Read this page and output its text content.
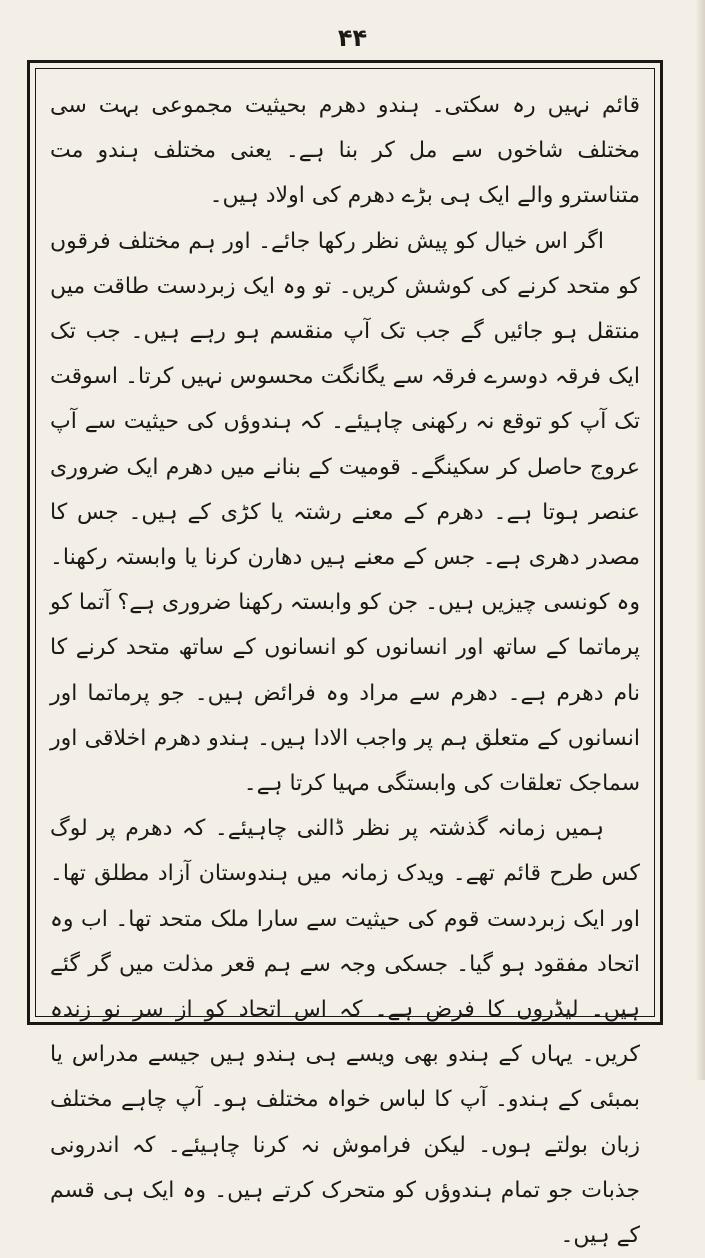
۴۴

قائم نہیں رہ سکتی۔ ہندو دھرم بحیثیت مجموعی بہت سی مختلف شاخوں سے مل کر بنا ہے۔ یعنی مختلف ہندو مت متناسترو والے ایک ہی بڑے دھرم کی اولاد ہیں۔

اگر اس خیال کو پیش نظر رکھا جائے۔ اور ہم مختلف فرقوں کو متحد کرنے کی کوشش کریں۔ تو وہ ایک زبردست طاقت میں منتقل ہو جائیں گے جب تک آپ منقسم ہو رہے ہیں۔ جب تک ایک فرقہ دوسرے فرقہ سے یگانگت محسوس نہیں کرتا۔ اسوقت تک آپ کو توقع نہ رکھنی چاہیئے۔ کہ ہندوؤں کی حیثیت سے آپ عروج حاصل کر سکینگے۔ قومیت کے بنانے میں دھرم ایک ضروری عنصر ہوتا ہے۔ دھرم کے معنے رشتہ یا کڑی کے ہیں۔ جس کا مصدر دھری ہے۔ جس کے معنے ہیں دھارن کرنا یا وابستہ رکھنا۔ وہ کونسی چیزیں ہیں۔ جن کو وابستہ رکھنا ضروری ہے؟ آتما کو پرماتما کے ساتھ اور انسانوں کو انسانوں کے ساتھ متحد کرنے کا نام دھرم ہے۔ دھرم سے مراد وہ فرائض ہیں۔ جو پرماتما اور انسانوں کے متعلق ہم پر واجب الادا ہیں۔ ہندو دھرم اخلاقی اور سماجک تعلقات کی وابستگی مہیا کرتا ہے۔

ہمیں زمانہ گذشتہ پر نظر ڈالنی چاہیئے۔ کہ دھرم پر لوگ کس طرح قائم تھے۔ ویدک زمانہ میں ہندوستان آزاد مطلق تھا۔ اور ایک زبردست قوم کی حیثیت سے سارا ملک متحد تھا۔ اب وہ اتحاد مفقود ہو گیا۔ جسکی وجہ سے ہم قعر مذلت میں گر گئے ہیں۔ لیڈروں کا فرض ہے۔ کہ اس اتحاد کو از سر نو زندہ کریں۔ یہاں کے ہندو بھی ویسے ہی ہندو ہیں جیسے مدراس یا بمبئی کے ہندو۔ آپ کا لباس خواہ مختلف ہو۔ آپ چاہے مختلف زبان بولتے ہوں۔ لیکن فراموش نہ کرنا چاہیئے۔ کہ اندرونی جذبات جو تمام ہندوؤں کو متحرک کرتے ہیں۔ وہ ایک ہی قسم کے ہیں۔
